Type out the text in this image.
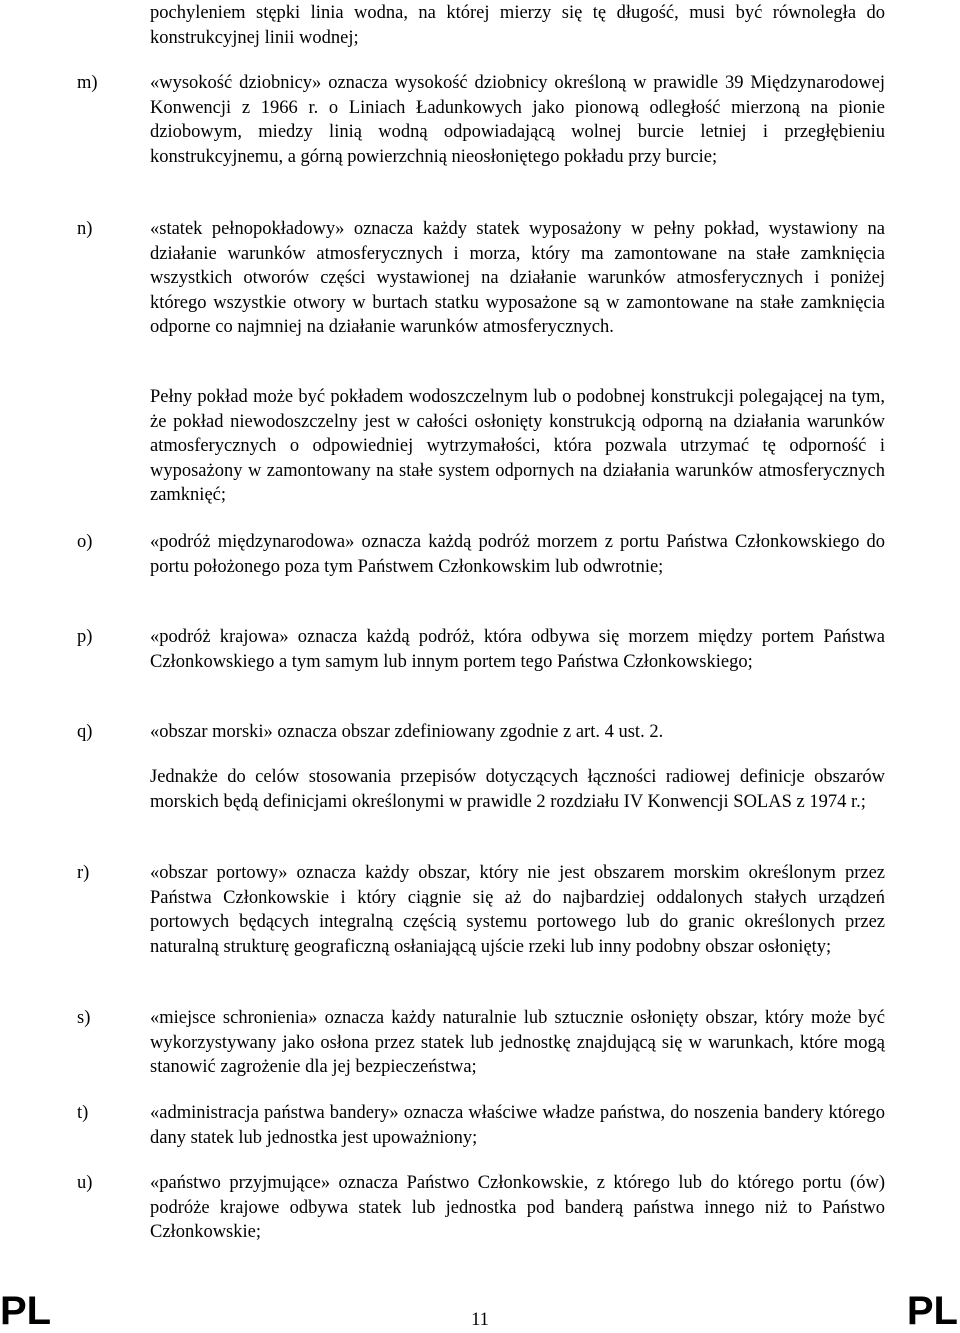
pochyleniem stępki linia wodna, na której mierzy się tę długość, musi być równoległa do konstrukcyjnej linii wodnej;

m)	«wysokość dziobnicy» oznacza wysokość dziobnicy określoną w prawidle 39 Międzynarodowej Konwencji z 1966 r. o Liniach Ładunkowych jako pionową odległość mierzoną na pionie dziobowym, miedzy linią wodną odpowiadającą wolnej burcie letniej i przegłębieniu konstrukcyjnemu, a górną powierzchnią nieosłoniętego pokładu przy burcie;

n)	«statek pełnopokładowy» oznacza każdy statek wyposażony w pełny pokład, wystawiony na działanie warunków atmosferycznych i morza, który ma zamontowane na stałe zamknięcia wszystkich otworów części wystawionej na działanie warunków atmosferycznych i poniżej którego wszystkie otwory w burtach statku wyposażone są w zamontowane na stałe zamknięcia odporne co najmniej na działanie warunków atmosferycznych.

Pełny pokład może być pokładem wodoszczelnym lub o podobnej konstrukcji polegającej na tym, że pokład niewodoszczelny jest w całości osłonięty konstrukcją odporną na działania warunków atmosferycznych o odpowiedniej wytrzymałości, która pozwala utrzymać tę odporność i wyposażony w zamontowany na stałe system odpornych na działania warunków atmosferycznych zamknięć;

o)	«podróż międzynarodowa» oznacza każdą podróż morzem z portu Państwa Członkowskiego do portu położonego poza tym Państwem Członkowskim lub odwrotnie;

p)	«podróż krajowa» oznacza każdą podróż, która odbywa się morzem między portem Państwa Członkowskiego a tym samym lub innym portem tego Państwa Członkowskiego;

q)	«obszar morski» oznacza obszar zdefiniowany zgodnie z art. 4 ust. 2.

Jednakże do celów stosowania przepisów dotyczących łączności radiowej definicje obszarów morskich będą definicjami określonymi w prawidle 2 rozdziału IV Konwencji SOLAS z 1974 r.;

r)	«obszar portowy» oznacza każdy obszar, który nie jest obszarem morskim określonym przez Państwa Członkowskie i który ciągnie się aż do najbardziej oddalonych stałych urządzeń portowych będących integralną częścią systemu portowego lub do granic określonych przez naturalną strukturę geograficzną osłaniającą ujście rzeki lub inny podobny obszar osłonięty;

s)	«miejsce schronienia» oznacza każdy naturalnie lub sztucznie osłonięty obszar, który może być wykorzystywany jako osłona przez statek lub jednostkę znajdującą się w warunkach, które mogą stanowić zagrożenie dla jej bezpieczeństwa;

t)	«administracja państwa bandery» oznacza właściwe władze państwa, do noszenia bandery którego dany statek lub jednostka jest upoważniony;

u)	«państwo przyjmujące» oznacza Państwo Członkowskie, z którego lub do którego portu (ów) podróże krajowe odbywa statek lub jednostka pod banderą państwa innego niż to Państwo Członkowskie;

PL	11	PL
